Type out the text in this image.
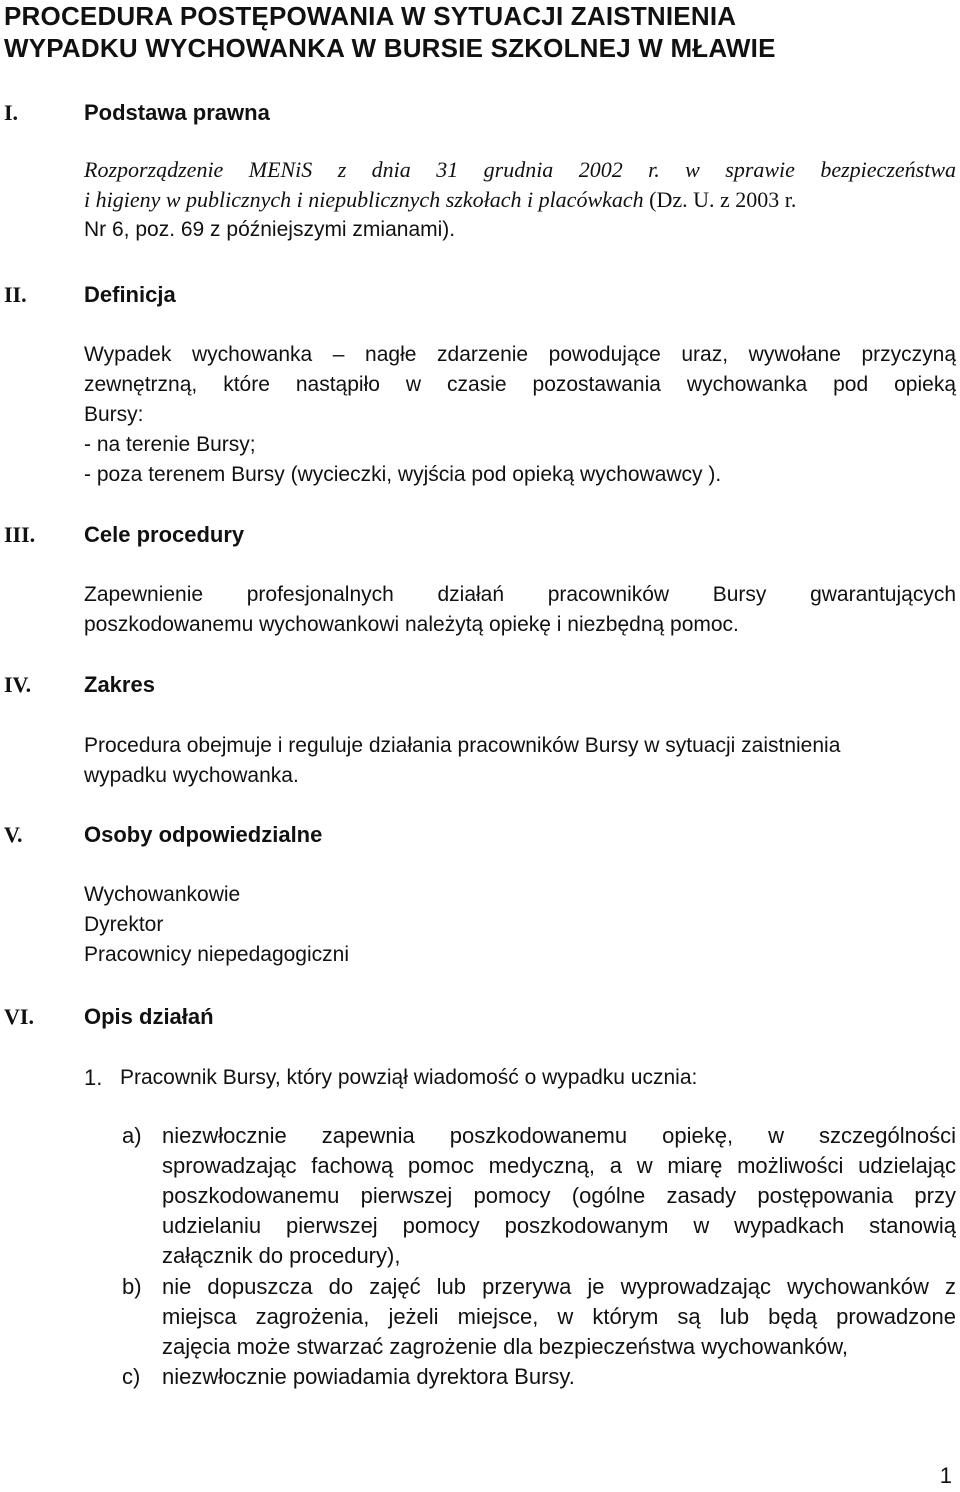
PROCEDURA POSTĘPOWANIA W SYTUACJI ZAISTNIENIA
WYPADKU WYCHOWANKA W BURSIE SZKOLNEJ W MŁAWIE
I.	Podstawa prawna
Rozporządzenie MENiS z dnia 31 grudnia 2002 r. w sprawie bezpieczeństwa
i higieny w publicznych i niepublicznych szkołach i placówkach (Dz. U. z 2003 r.
Nr 6, poz. 69 z późniejszymi zmianami).
II.	Definicja
Wypadek wychowanka – nagłe zdarzenie powodujące uraz, wywołane przyczyną
zewnętrzną, które nastąpiło w czasie pozostawania wychowanka pod opieką
Bursy:
- na terenie Bursy;
- poza terenem Bursy (wycieczki, wyjścia pod opieką wychowawcy ).
III.	Cele procedury
Zapewnienie profesjonalnych działań pracowników Bursy gwarantujących
poszkodowanemu wychowankowi należytą opiekę i niezbędną pomoc.
IV.	Zakres
Procedura obejmuje i reguluje działania pracowników Bursy w sytuacji zaistnienia
wypadku wychowanka.
V.	Osoby odpowiedzialne
Wychowankowie
Dyrektor
Pracownicy niepedagogiczni
VI.	Opis działań
1. Pracownik Bursy, który powziął wiadomość o wypadku ucznia:
a) niezwłocznie zapewnia poszkodowanemu opiekę, w szczególności
sprowadzając fachową pomoc medyczną, a w miarę możliwości udzielając
poszkodowanemu pierwszej pomocy (ogólne zasady postępowania przy
udzielaniu pierwszej pomocy poszkodowanym w wypadkach stanowią
załącznik do procedury),
b) nie dopuszcza do zajęć lub przerywa je wyprowadzając wychowanków z
miejsca zagrożenia, jeżeli miejsce, w którym są lub będą prowadzone
zajęcia może stwarzać zagrożenie dla bezpieczeństwa wychowanków,
c) niezwłocznie powiadamia dyrektora Bursy.
1
